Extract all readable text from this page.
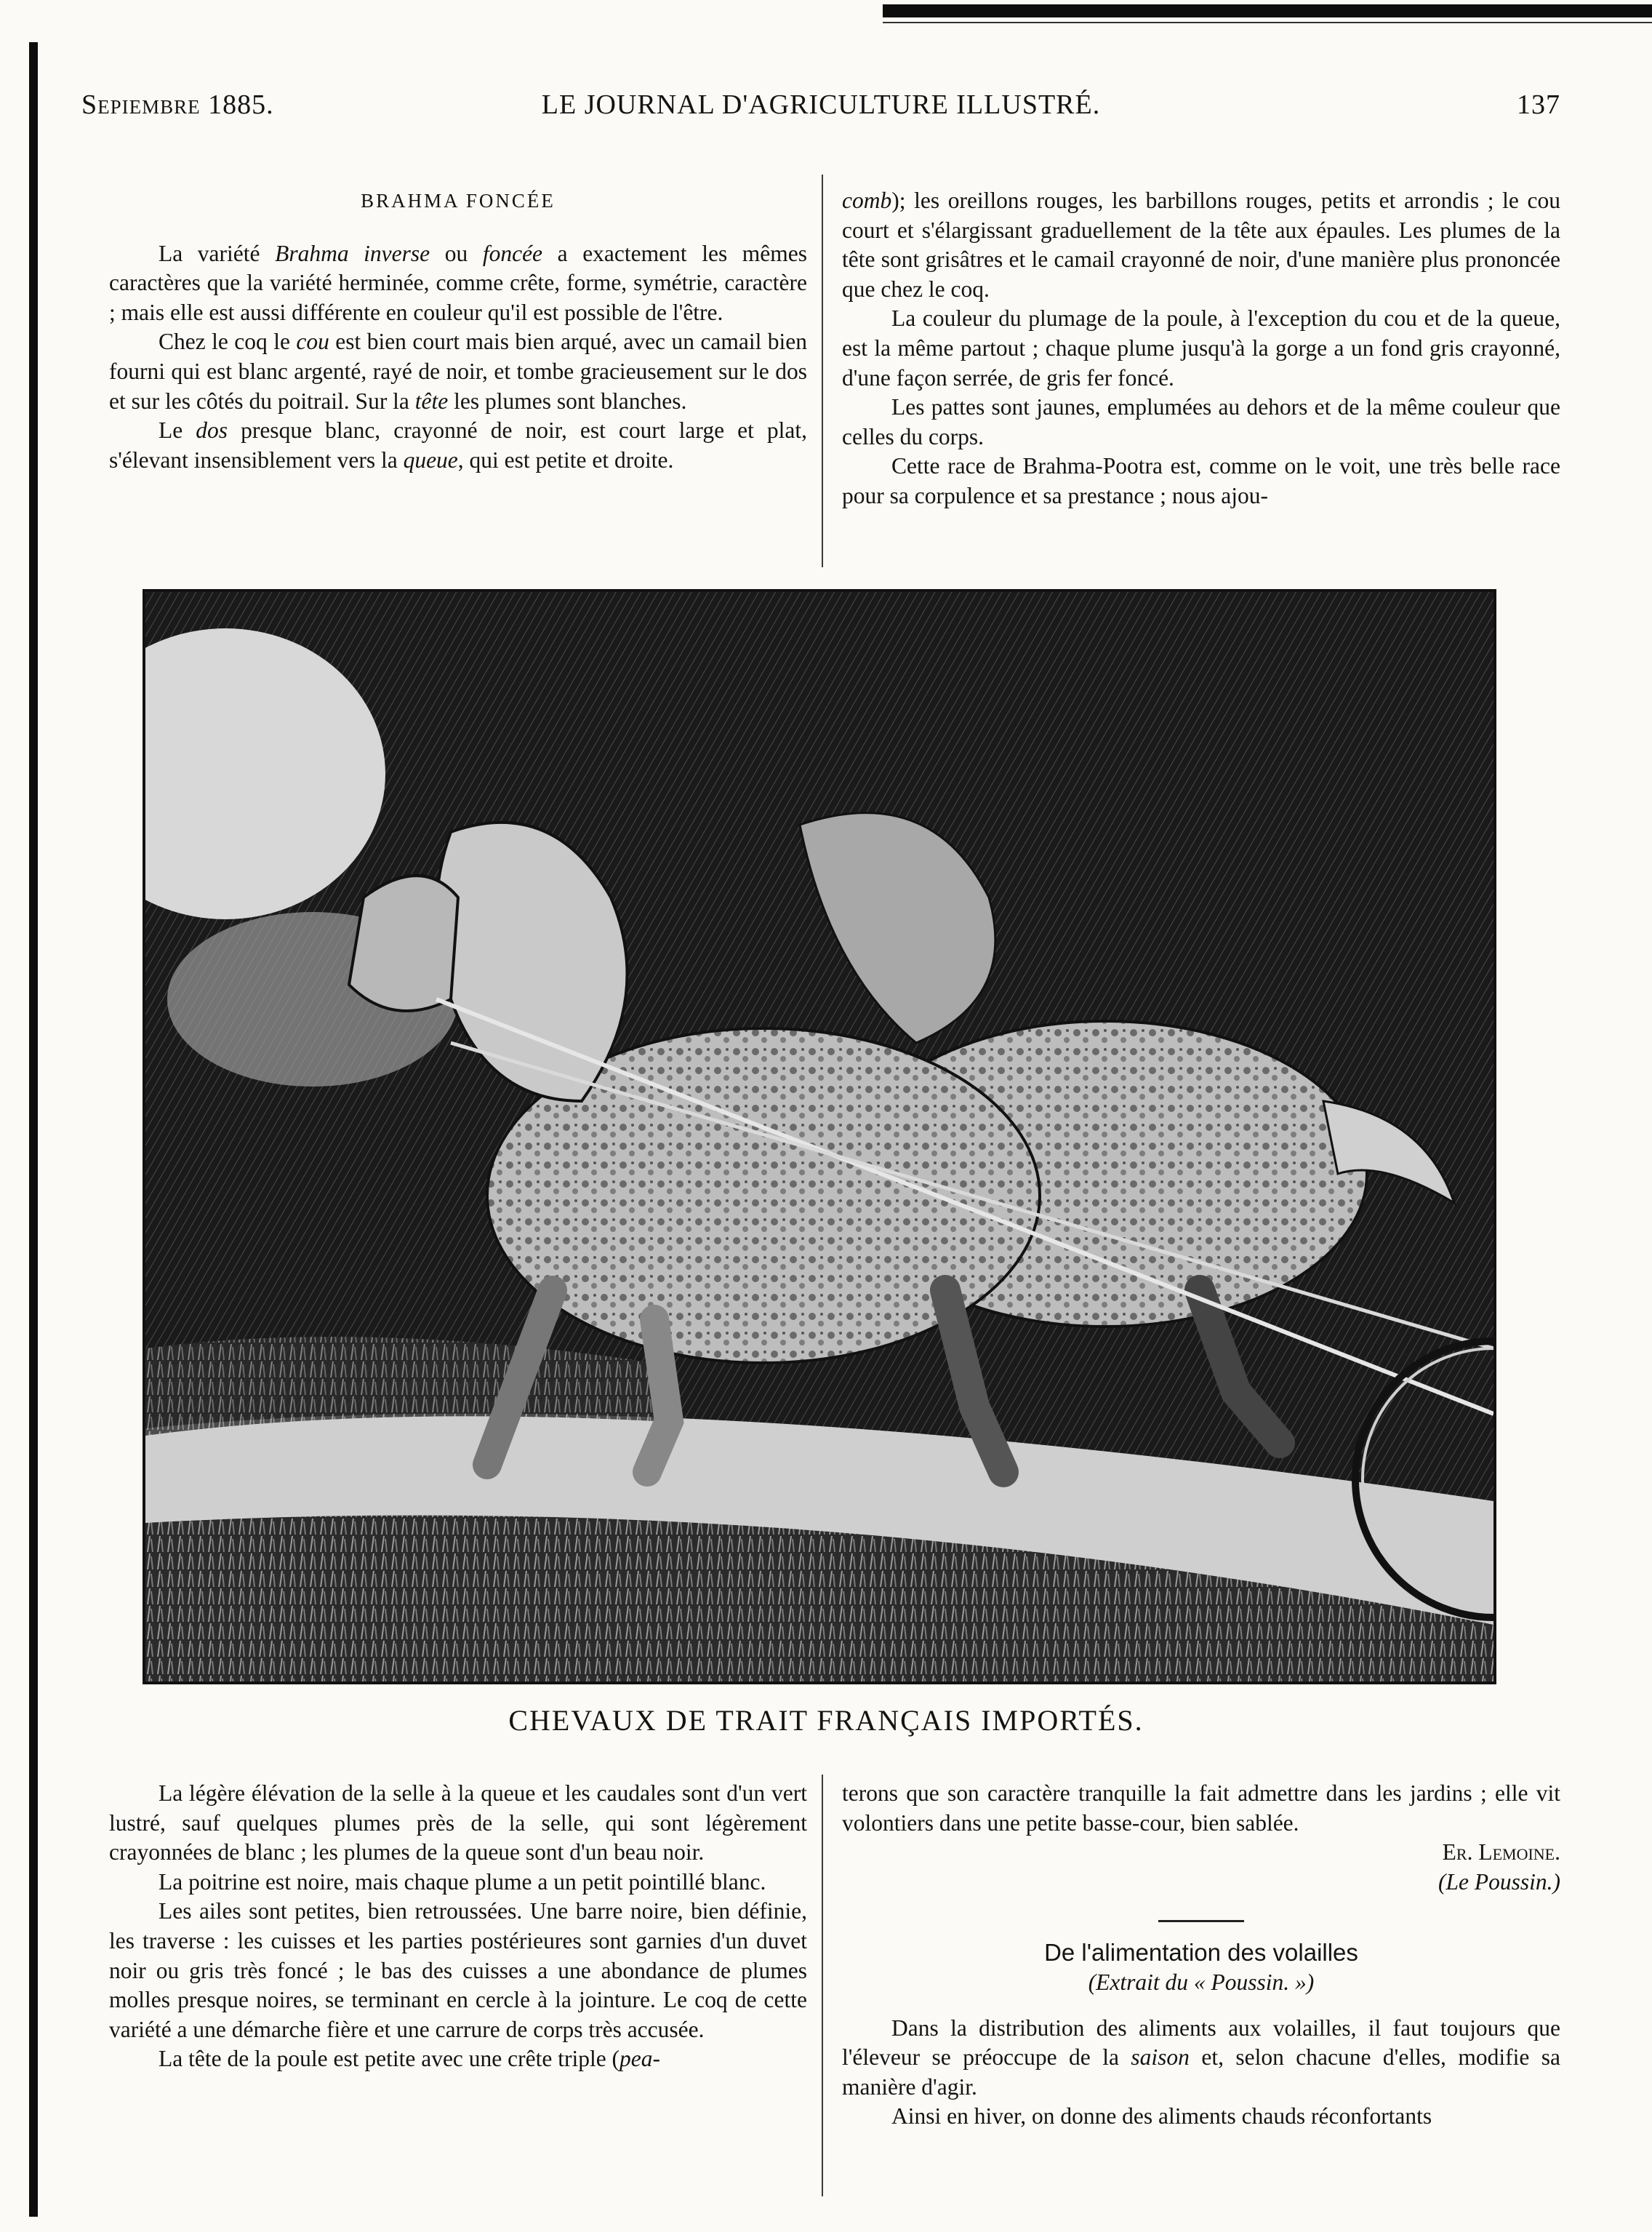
Sepiembre 1885.	LE JOURNAL D'AGRICULTURE ILLUSTRÉ.	137

BRAHMA FONCÉE

La variété Brahma inverse ou foncée a exactement les mêmes caractères que la variété herminée, comme crête, forme, symétrie, caractère ; mais elle est aussi différente en couleur qu'il est possible de l'être.

Chez le coq le cou est bien court mais bien arqué, avec un camail bien fourni qui est blanc argenté, rayé de noir, et tombe gracieusement sur le dos et sur les côtés du poitrail. Sur la tête les plumes sont blanches.

Le dos presque blanc, crayonné de noir, est court large et plat, s'élevant insensiblement vers la queue, qui est petite et droite.

comb); les oreillons rouges, les barbillons rouges, petits et arrondis ; le cou court et s'élargissant graduellement de la tête aux épaules. Les plumes de la tête sont grisâtres et le camail crayonné de noir, d'une manière plus prononcée que chez le coq.

La couleur du plumage de la poule, à l'exception du cou et de la queue, est la même partout ; chaque plume jusqu'à la gorge a un fond gris crayonné, d'une façon serrée, de gris fer foncé.

Les pattes sont jaunes, emplumées au dehors et de la même couleur que celles du corps.

Cette race de Brahma-Pootra est, comme on le voit, une très belle race pour sa corpulence et sa prestance ; nous ajou-

CHEVAUX DE TRAIT FRANÇAIS IMPORTÉS.

La légère élévation de la selle à la queue et les caudales sont d'un vert lustré, sauf quelques plumes près de la selle, qui sont légèrement crayonnées de blanc ; les plumes de la queue sont d'un beau noir.

La poitrine est noire, mais chaque plume a un petit pointillé blanc.

Les ailes sont petites, bien retroussées. Une barre noire, bien définie, les traverse : les cuisses et les parties postérieures sont garnies d'un duvet noir ou gris très foncé ; le bas des cuisses a une abondance de plumes molles presque noires, se terminant en cercle à la jointure. Le coq de cette variété a une démarche fière et une carrure de corps très accusée.

La tête de la poule est petite avec une crête triple (pea-

terons que son caractère tranquille la fait admettre dans les jardins ; elle vit volontiers dans une petite basse-cour, bien sablée.

Er. Lemoine.

(Le Poussin.)

De l'alimentation des volailles

(Extrait du « Poussin. »)

Dans la distribution des aliments aux volailles, il faut toujours que l'éleveur se préoccupe de la saison et, selon chacune d'elles, modifie sa manière d'agir.

Ainsi en hiver, on donne des aliments chauds réconfortants
